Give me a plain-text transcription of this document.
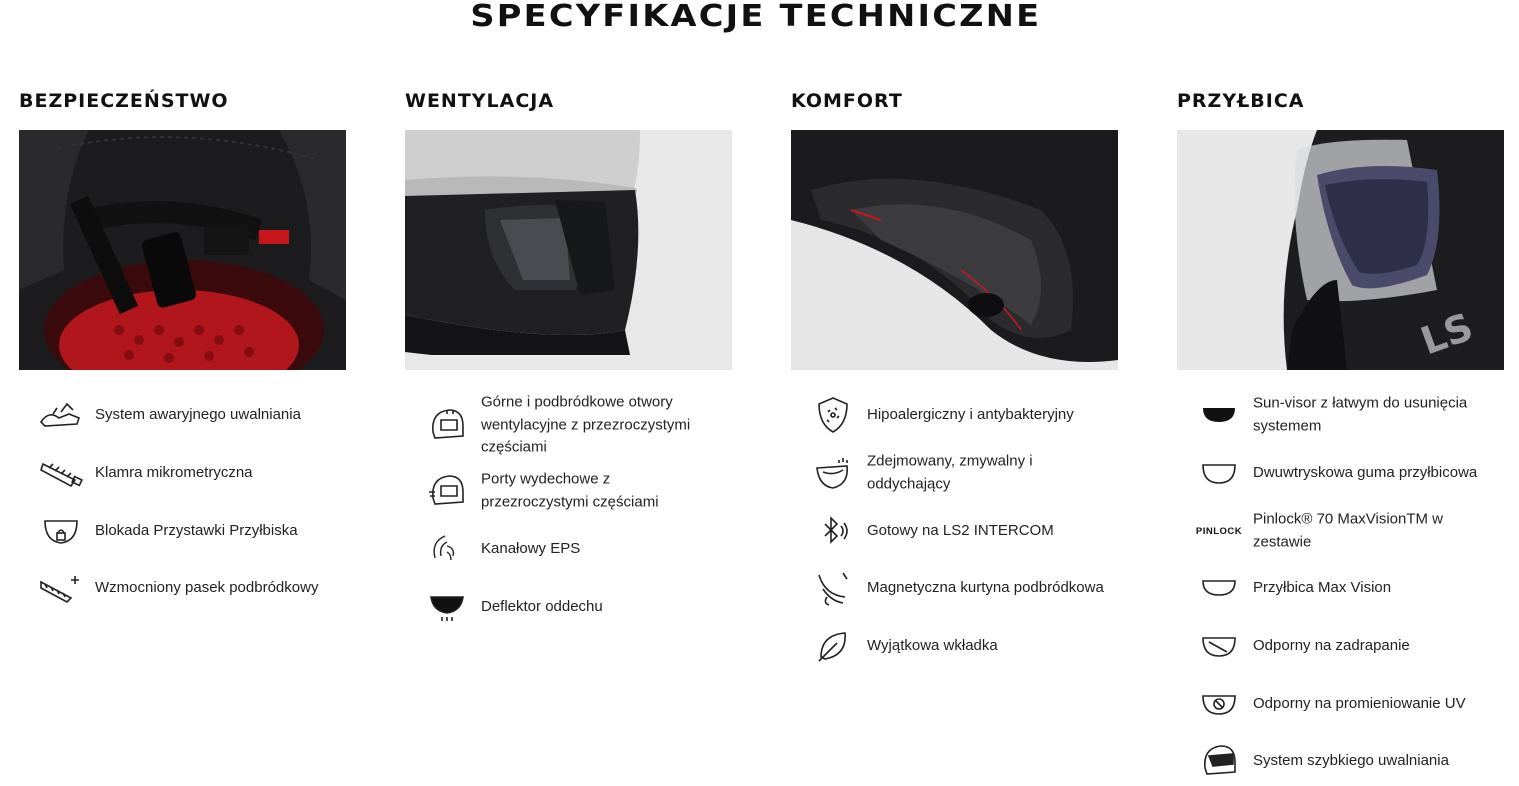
SPECYFIKACJE TECHNICZNE
BEZPIECZEŃSTWO
System awaryjnego uwalniania
Klamra mikrometryczna
Blokada Przystawki Przyłbiska
Wzmocniony pasek podbródkowy
WENTYLACJA
Górne i podbródkowe otwory wentylacyjne z przezroczystymi częściami
Porty wydechowe z przezroczystymi częściami
Kanałowy EPS
Deflektor oddechu
KOMFORT
Hipoalergiczny i antybakteryjny
Zdejmowany, zmywalny i oddychający
Gotowy na LS2 INTERCOM
Magnetyczna kurtyna podbródkowa
Wyjątkowa wkładka
PRZYŁBICA
LS
Sun-visor z łatwym do usunięcia systemem
Dwuwtryskowa guma przyłbicowa
PINLOCK
Pinlock® 70 MaxVisionTM w zestawie
Przyłbica Max Vision
Odporny na zadrapanie
Odporny na promieniowanie UV
System szybkiego uwalniania
